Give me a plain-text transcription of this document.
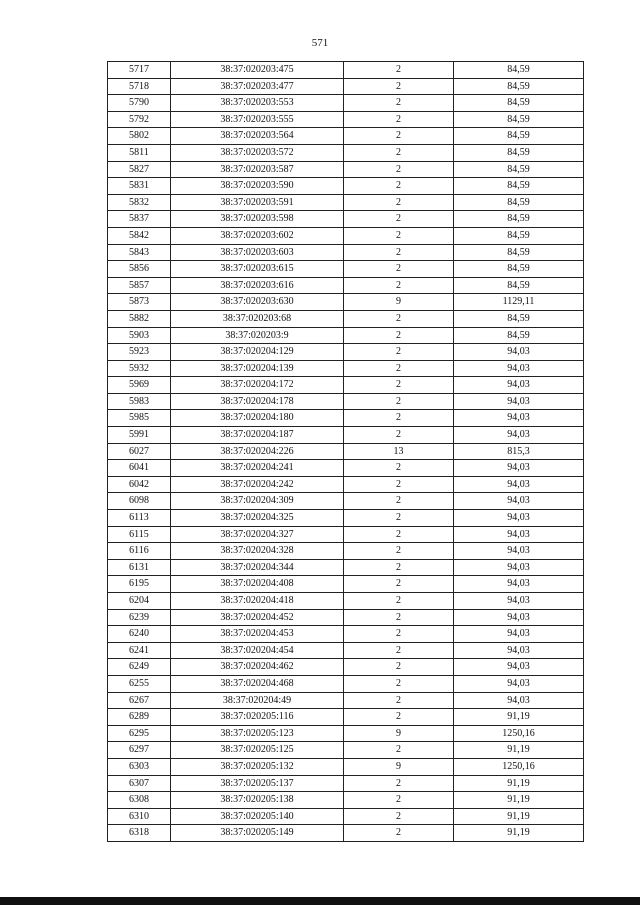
571
5717	38:37:020203:475	2	84,59
5718	38:37:020203:477	2	84,59
5790	38:37:020203:553	2	84,59
5792	38:37:020203:555	2	84,59
5802	38:37:020203:564	2	84,59
5811	38:37:020203:572	2	84,59
5827	38:37:020203:587	2	84,59
5831	38:37:020203:590	2	84,59
5832	38:37:020203:591	2	84,59
5837	38:37:020203:598	2	84,59
5842	38:37:020203:602	2	84,59
5843	38:37:020203:603	2	84,59
5856	38:37:020203:615	2	84,59
5857	38:37:020203:616	2	84,59
5873	38:37:020203:630	9	1129,11
5882	38:37:020203:68	2	84,59
5903	38:37:020203:9	2	84,59
5923	38:37:020204:129	2	94,03
5932	38:37:020204:139	2	94,03
5969	38:37:020204:172	2	94,03
5983	38:37:020204:178	2	94,03
5985	38:37:020204:180	2	94,03
5991	38:37:020204:187	2	94,03
6027	38:37:020204:226	13	815,3
6041	38:37:020204:241	2	94,03
6042	38:37:020204:242	2	94,03
6098	38:37:020204:309	2	94,03
6113	38:37:020204:325	2	94,03
6115	38:37:020204:327	2	94,03
6116	38:37:020204:328	2	94,03
6131	38:37:020204:344	2	94,03
6195	38:37:020204:408	2	94,03
6204	38:37:020204:418	2	94,03
6239	38:37:020204:452	2	94,03
6240	38:37:020204:453	2	94,03
6241	38:37:020204:454	2	94,03
6249	38:37:020204:462	2	94,03
6255	38:37:020204:468	2	94,03
6267	38:37:020204:49	2	94,03
6289	38:37:020205:116	2	91,19
6295	38:37:020205:123	9	1250,16
6297	38:37:020205:125	2	91,19
6303	38:37:020205:132	9	1250,16
6307	38:37:020205:137	2	91,19
6308	38:37:020205:138	2	91,19
6310	38:37:020205:140	2	91,19
6318	38:37:020205:149	2	91,19
